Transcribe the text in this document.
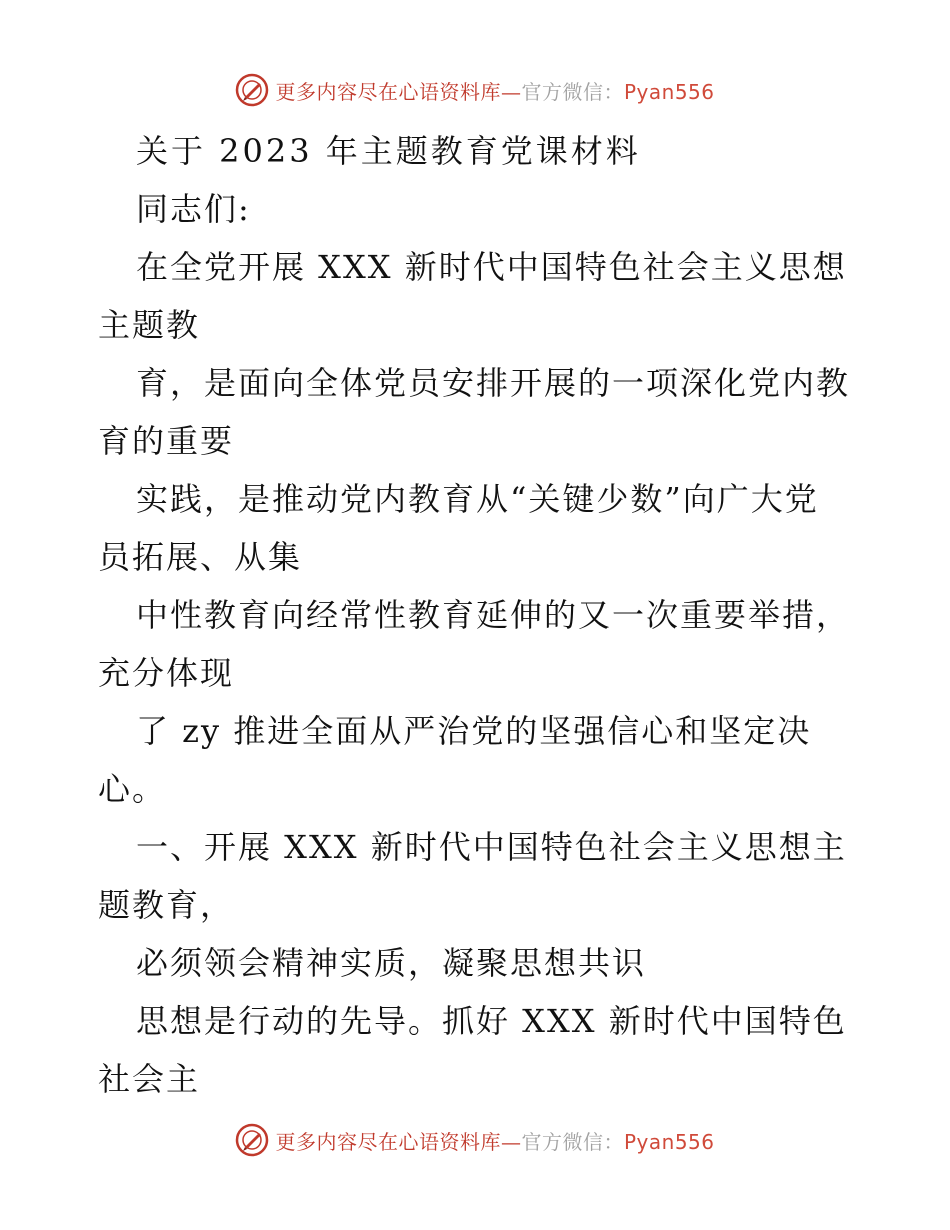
更多内容尽在心语资料库—官方微信：Pyan556
关于 2023 年主题教育党课材料
同志们:
在全党开展 XXX 新时代中国特色社会主义思想
主题教
育，是面向全体党员安排开展的一项深化党内教
育的重要
实践，是推动党内教育从“关键少数”向广大党
员拓展、从集
中性教育向经常性教育延伸的又一次重要举措，
充分体现
了 zy 推进全面从严治党的坚强信心和坚定决
心。
一、开展 XXX 新时代中国特色社会主义思想主
题教育，
必须领会精神实质，凝聚思想共识
思想是行动的先导。抓好 XXX 新时代中国特色
社会主
更多内容尽在心语资料库—官方微信：Pyan556
